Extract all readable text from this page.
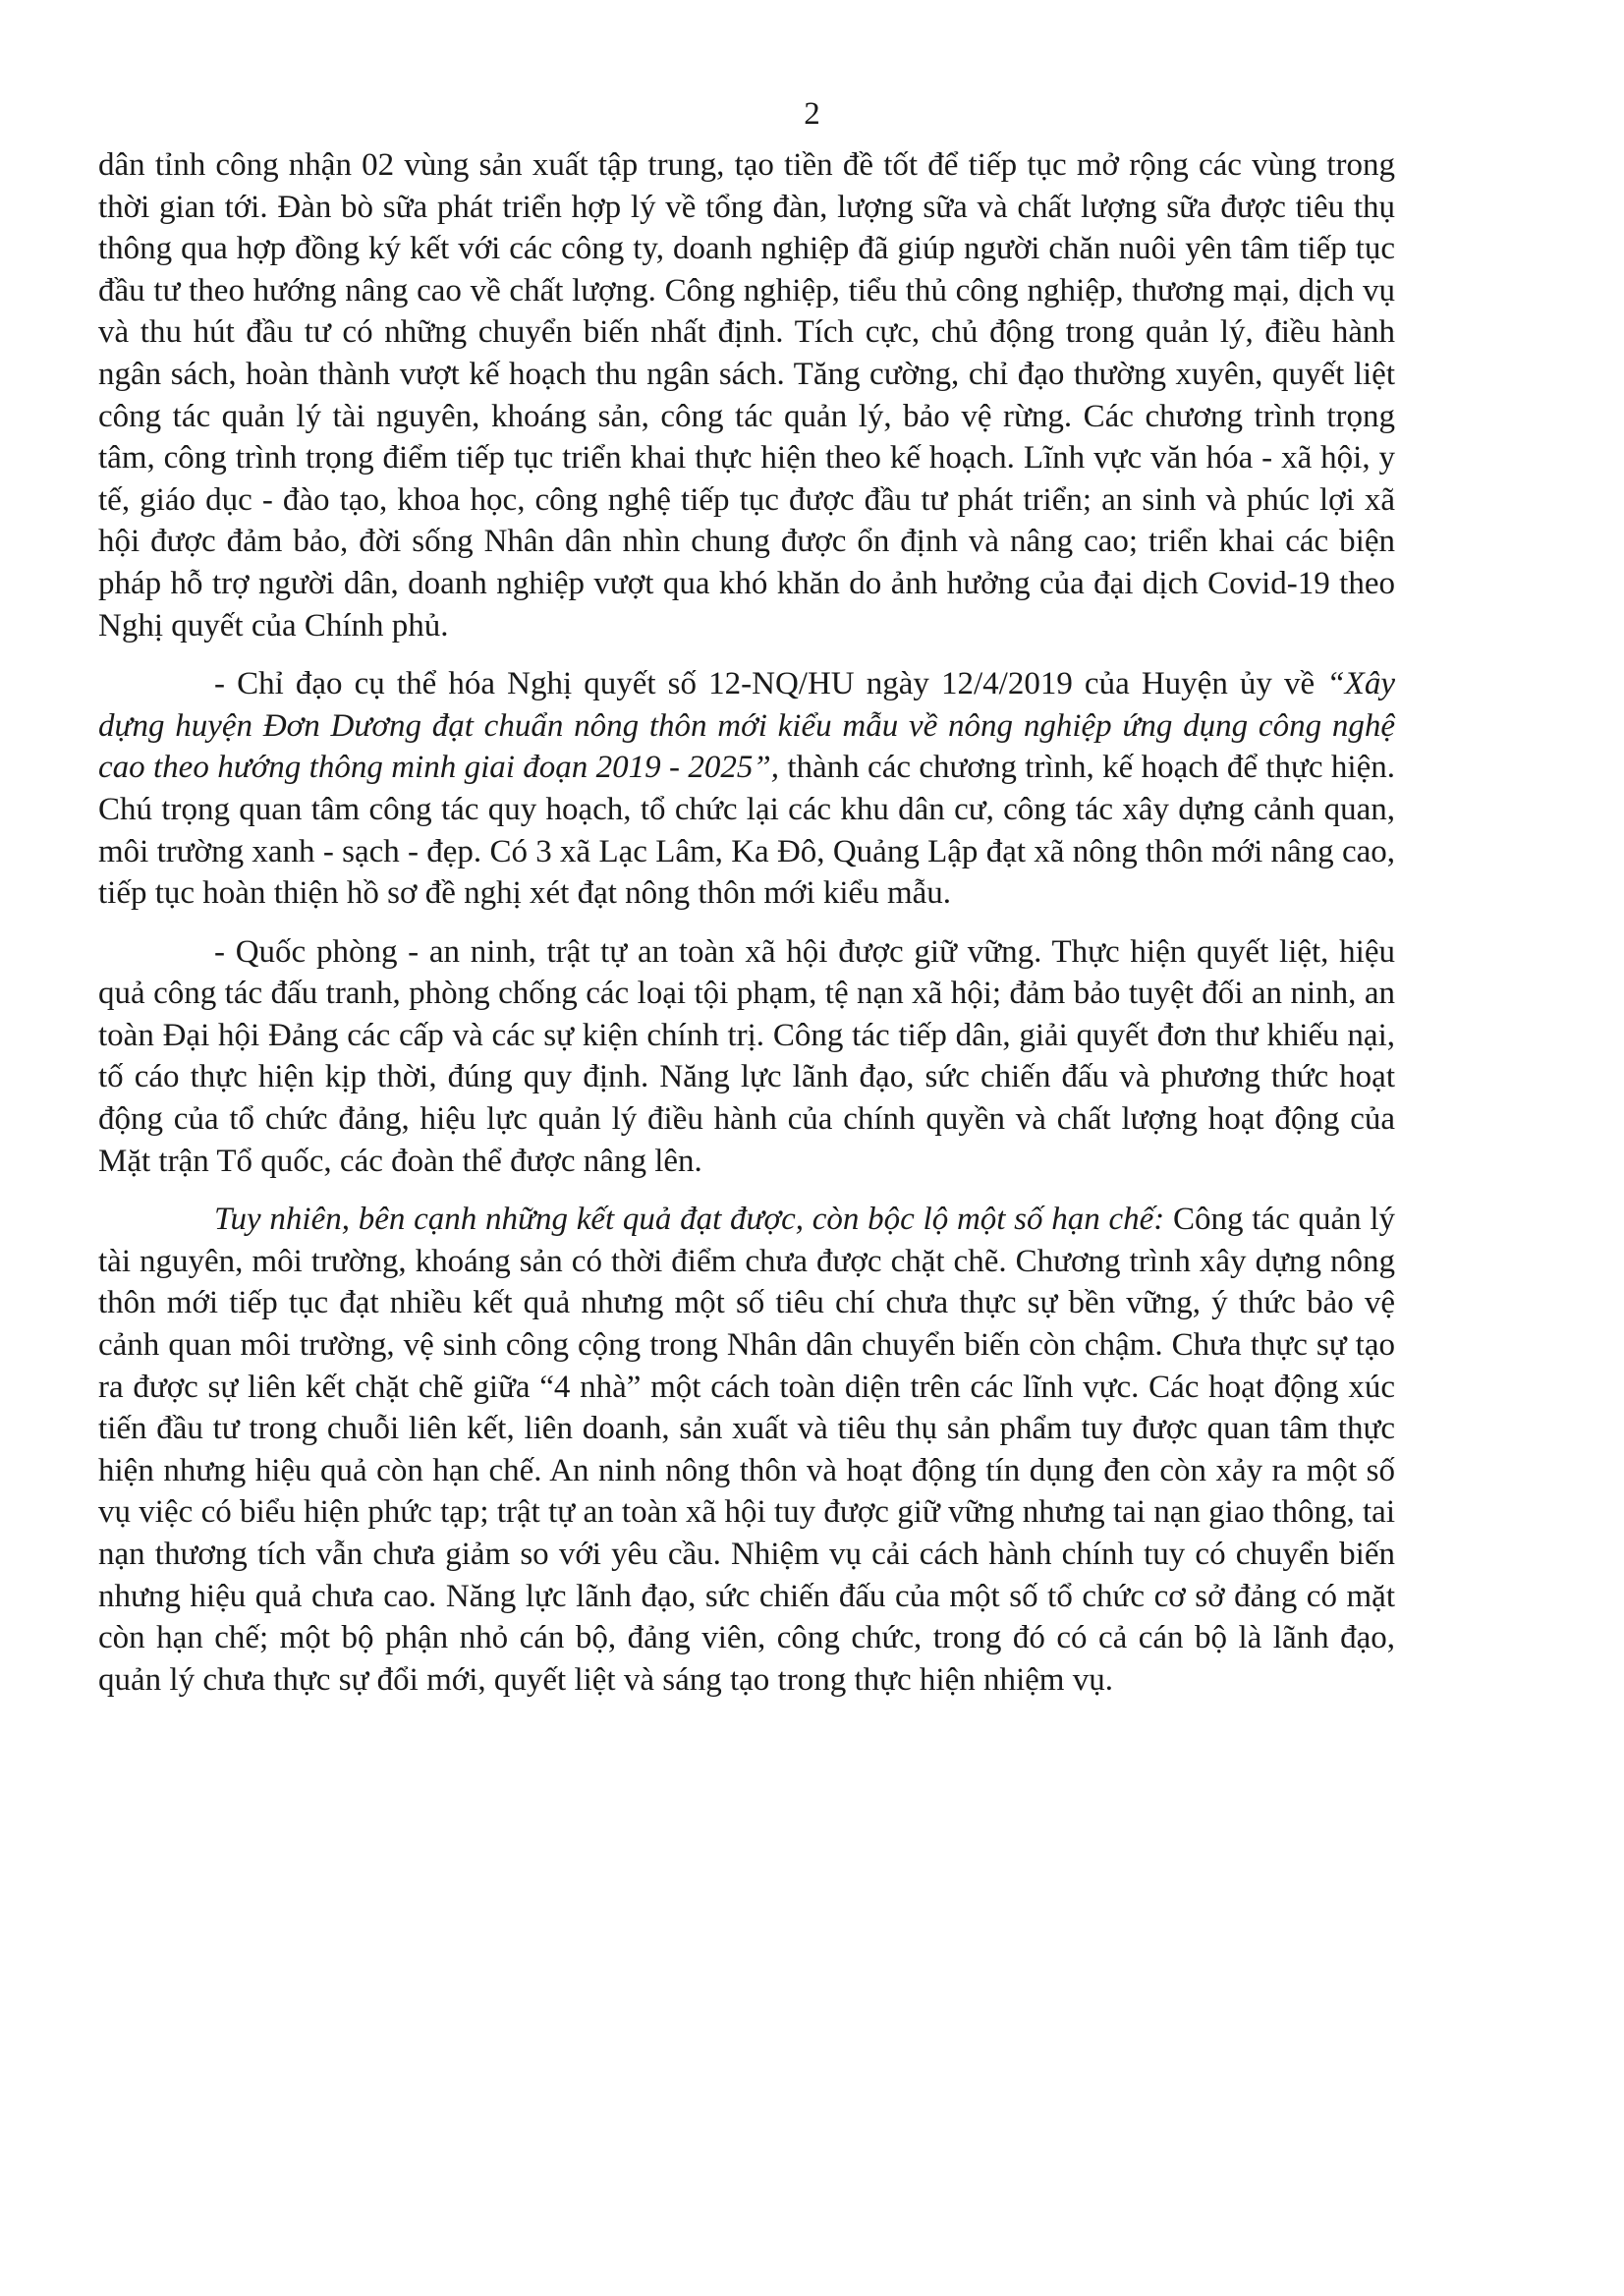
2

dân tỉnh công nhận 02 vùng sản xuất tập trung, tạo tiền đề tốt để tiếp tục mở rộng các vùng trong thời gian tới. Đàn bò sữa phát triển hợp lý về tổng đàn, lượng sữa và chất lượng sữa được tiêu thụ thông qua hợp đồng ký kết với các công ty, doanh nghiệp đã giúp người chăn nuôi yên tâm tiếp tục đầu tư theo hướng nâng cao về chất lượng. Công nghiệp, tiểu thủ công nghiệp, thương mại, dịch vụ và thu hút đầu tư có những chuyển biến nhất định. Tích cực, chủ động trong quản lý, điều hành ngân sách, hoàn thành vượt kế hoạch thu ngân sách. Tăng cường, chỉ đạo thường xuyên, quyết liệt công tác quản lý tài nguyên, khoáng sản, công tác quản lý, bảo vệ rừng. Các chương trình trọng tâm, công trình trọng điểm tiếp tục triển khai thực hiện theo kế hoạch. Lĩnh vực văn hóa - xã hội, y tế, giáo dục - đào tạo, khoa học, công nghệ tiếp tục được đầu tư phát triển; an sinh và phúc lợi xã hội được đảm bảo, đời sống Nhân dân nhìn chung được ổn định và nâng cao; triển khai các biện pháp hỗ trợ người dân, doanh nghiệp vượt qua khó khăn do ảnh hưởng của đại dịch Covid-19 theo Nghị quyết của Chính phủ.

- Chỉ đạo cụ thể hóa Nghị quyết số 12-NQ/HU ngày 12/4/2019 của Huyện ủy về “Xây dựng huyện Đơn Dương đạt chuẩn nông thôn mới kiểu mẫu về nông nghiệp ứng dụng công nghệ cao theo hướng thông minh giai đoạn 2019 - 2025”, thành các chương trình, kế hoạch để thực hiện. Chú trọng quan tâm công tác quy hoạch, tổ chức lại các khu dân cư, công tác xây dựng cảnh quan, môi trường xanh - sạch - đẹp. Có 3 xã Lạc Lâm, Ka Đô, Quảng Lập đạt xã nông thôn mới nâng cao, tiếp tục hoàn thiện hồ sơ đề nghị xét đạt nông thôn mới kiểu mẫu.

- Quốc phòng - an ninh, trật tự an toàn xã hội được giữ vững. Thực hiện quyết liệt, hiệu quả công tác đấu tranh, phòng chống các loại tội phạm, tệ nạn xã hội; đảm bảo tuyệt đối an ninh, an toàn Đại hội Đảng các cấp và các sự kiện chính trị. Công tác tiếp dân, giải quyết đơn thư khiếu nại, tố cáo thực hiện kịp thời, đúng quy định. Năng lực lãnh đạo, sức chiến đấu và phương thức hoạt động của tổ chức đảng, hiệu lực quản lý điều hành của chính quyền và chất lượng hoạt động của Mặt trận Tổ quốc, các đoàn thể được nâng lên.

Tuy nhiên, bên cạnh những kết quả đạt được, còn bộc lộ một số hạn chế: Công tác quản lý tài nguyên, môi trường, khoáng sản có thời điểm chưa được chặt chẽ. Chương trình xây dựng nông thôn mới tiếp tục đạt nhiều kết quả nhưng một số tiêu chí chưa thực sự bền vững, ý thức bảo vệ cảnh quan môi trường, vệ sinh công cộng trong Nhân dân chuyển biến còn chậm. Chưa thực sự tạo ra được sự liên kết chặt chẽ giữa “4 nhà” một cách toàn diện trên các lĩnh vực. Các hoạt động xúc tiến đầu tư trong chuỗi liên kết, liên doanh, sản xuất và tiêu thụ sản phẩm tuy được quan tâm thực hiện nhưng hiệu quả còn hạn chế. An ninh nông thôn và hoạt động tín dụng đen còn xảy ra một số vụ việc có biểu hiện phức tạp; trật tự an toàn xã hội tuy được giữ vững nhưng tai nạn giao thông, tai nạn thương tích vẫn chưa giảm so với yêu cầu. Nhiệm vụ cải cách hành chính tuy có chuyển biến nhưng hiệu quả chưa cao. Năng lực lãnh đạo, sức chiến đấu của một số tổ chức cơ sở đảng có mặt còn hạn chế; một bộ phận nhỏ cán bộ, đảng viên, công chức, trong đó có cả cán bộ là lãnh đạo, quản lý chưa thực sự đổi mới, quyết liệt và sáng tạo trong thực hiện nhiệm vụ.
